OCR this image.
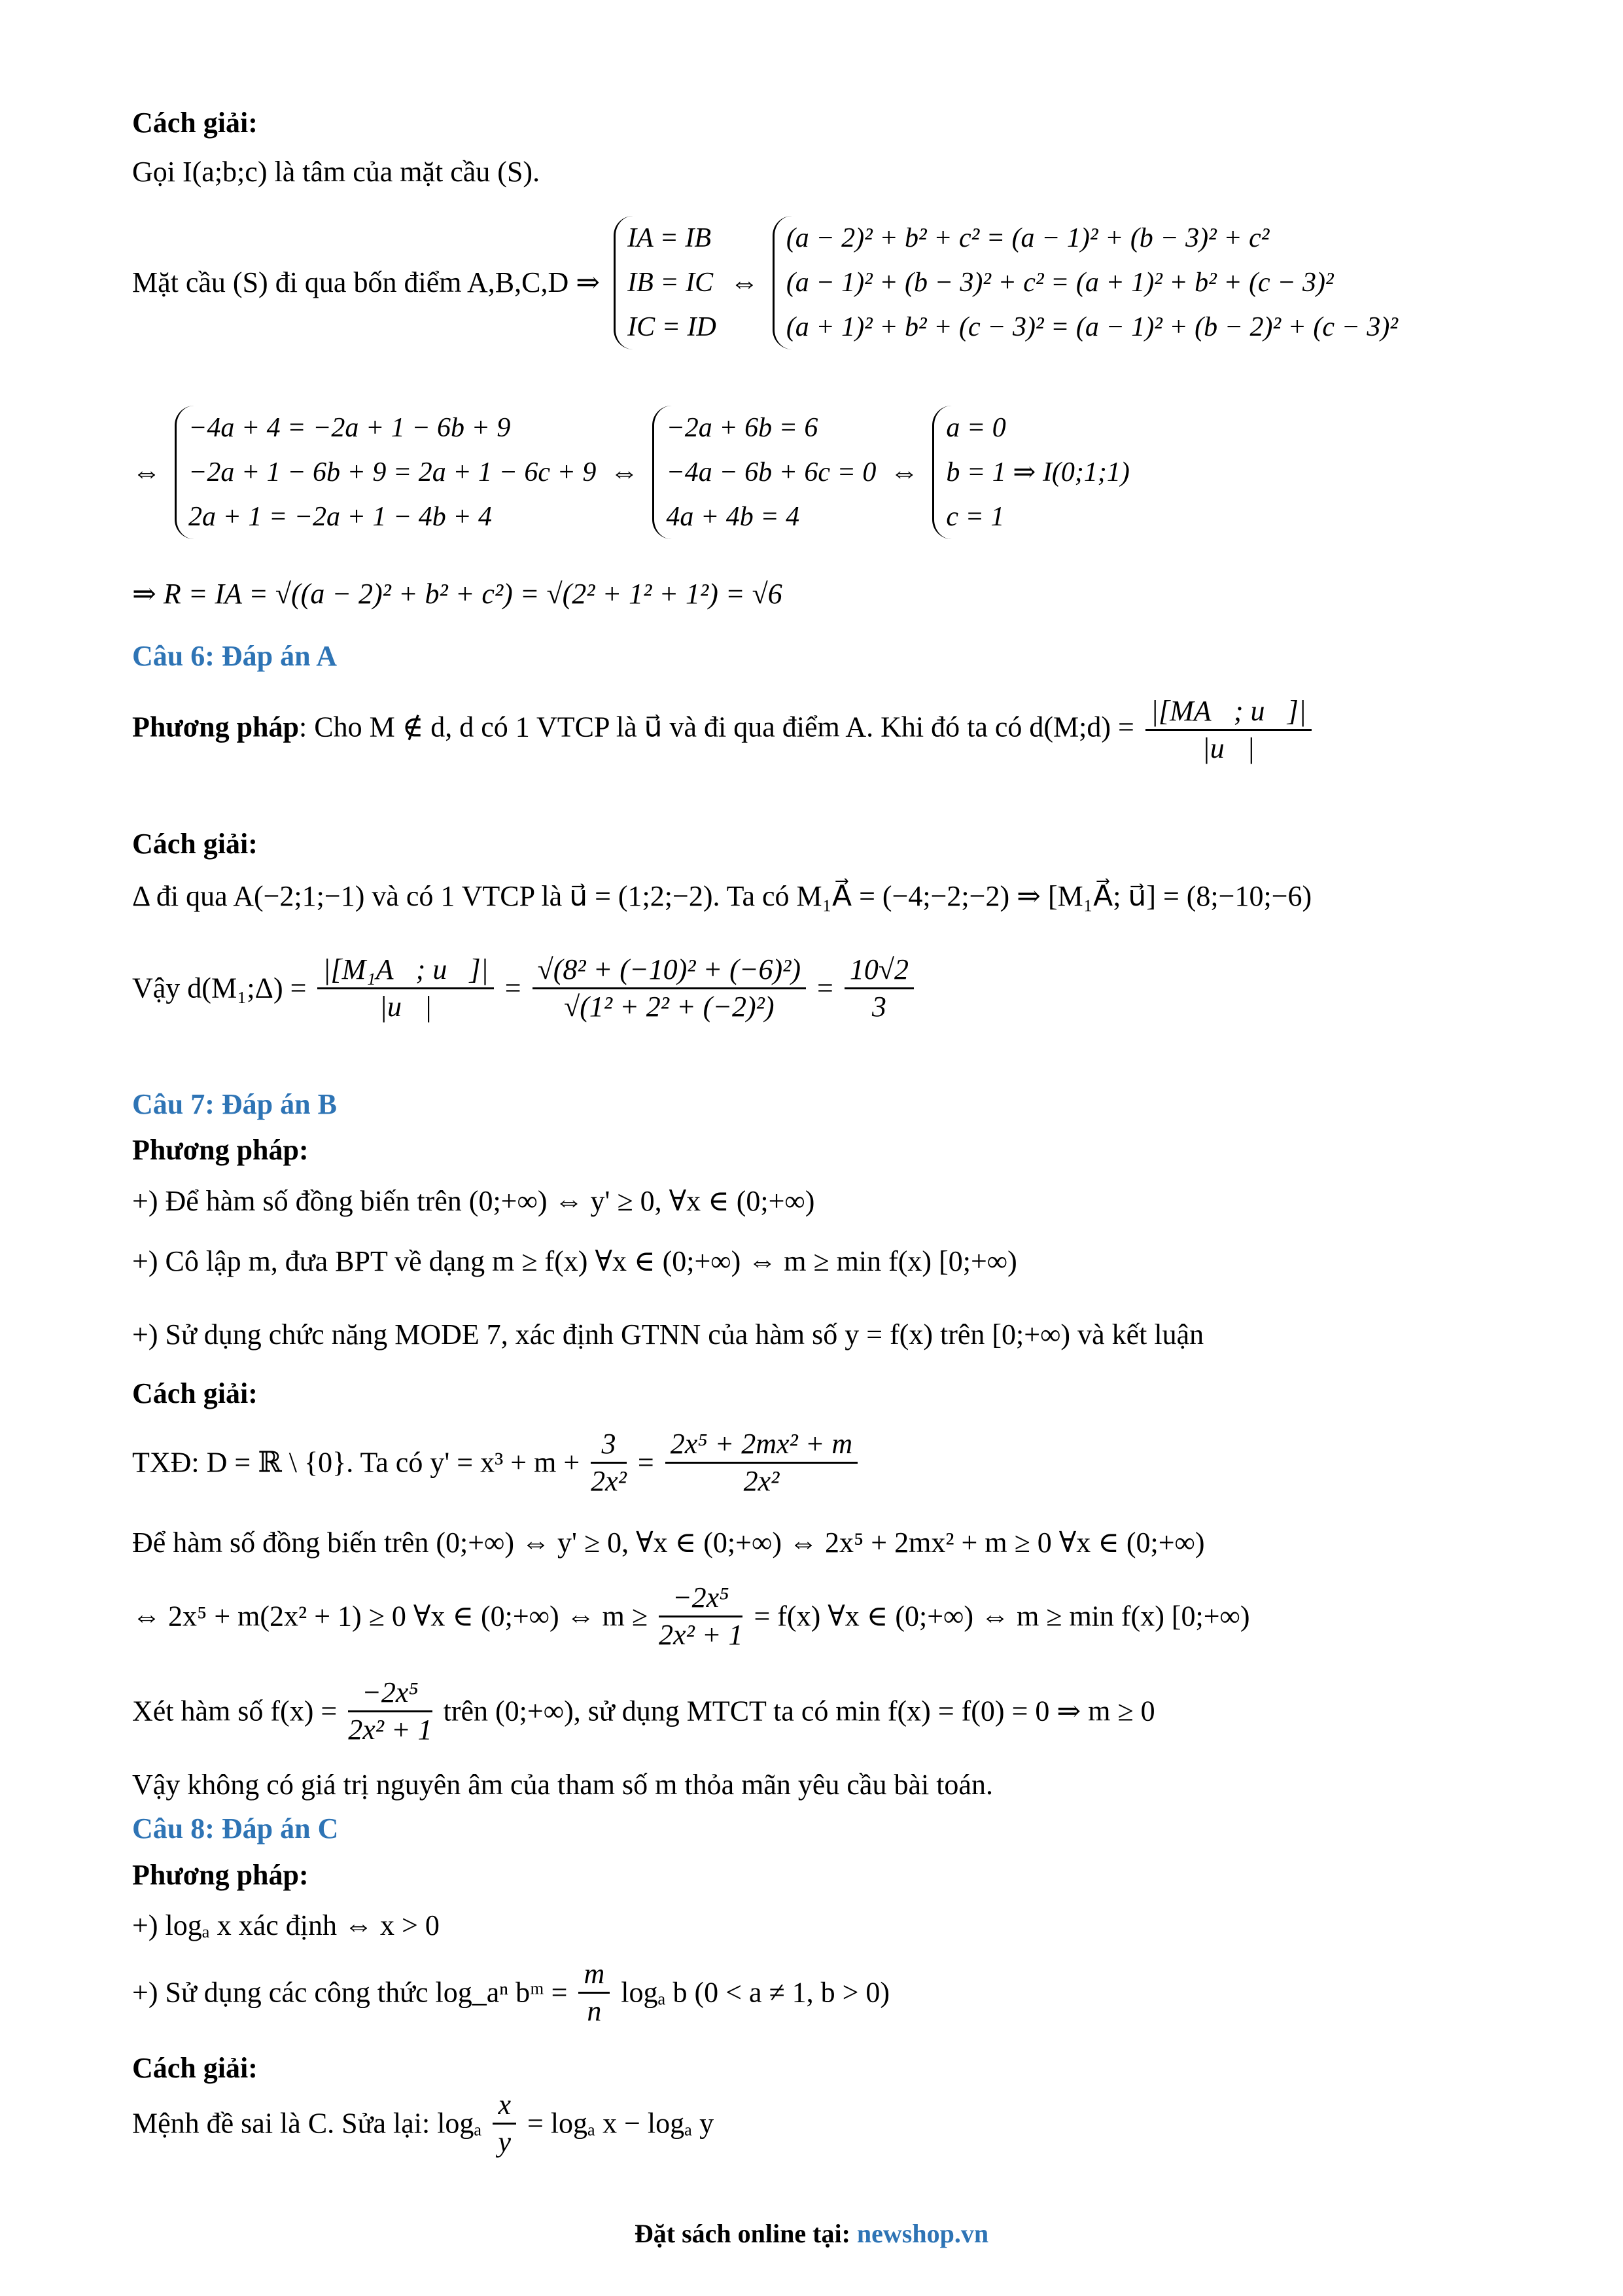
Cách giải:
Gọi I(a;b;c) là tâm của mặt cầu (S).
Mặt cầu (S) đi qua bốn điểm A,B,C,D ⇒
IA = IB
IB = IC
IC = ID
⇔
(a − 2)² + b² + c² = (a − 1)² + (b − 3)² + c²
(a − 1)² + (b − 3)² + c² = (a + 1)² + b² + (c − 3)²
(a + 1)² + b² + (c − 3)² = (a − 1)² + (b − 2)² + (c − 3)²
⇔
−4a + 4 = −2a + 1 − 6b + 9
−2a + 1 − 6b + 9 = 2a + 1 − 6c + 9
2a + 1 = −2a + 1 − 4b + 4
⇔
−2a + 6b = 6
−4a − 6b + 6c = 0
4a + 4b = 4
⇔
a = 0
b = 1 ⇒ I(0;1;1)
c = 1
⇒ R = IA = √((a − 2)² + b² + c²) = √(2² + 1² + 1²) = √6
Câu 6: Đáp án A
Phương pháp: Cho M ∉ d, d có 1 VTCP là u⃗ và đi qua điểm A. Khi đó ta có d(M;d) = $\frac{|[MA⃗; u⃗]|}{|u⃗|}$
Cách giải:
Δ đi qua A(−2;1;−1) và có 1 VTCP là u⃗ = (1;2;−2). Ta có M₁A⃗ = (−4;−2;−2) ⇒ [M₁A⃗; u⃗] = (8;−10;−6)
Vậy d(M₁;Δ) = $\frac{\text{|[M₁A⃗; u⃗]|}}{|u⃗|} = \frac{\text{√(8² + (−10)² + (−6)²)}}{\text{√(1² + 2² + (−2)²)}} = \frac{10√2}{3}$
Câu 7: Đáp án B
Phương pháp:
+) Để hàm số đồng biến trên (0;+∞) ⇔ y' ≥ 0, ∀x ∈ (0;+∞)
+) Cô lập m, đưa BPT về dạng m ≥ f(x) ∀x ∈ (0;+∞) ⇔ m ≥ min f(x) [0;+∞)
+) Sử dụng chức năng MODE 7, xác định GTNN của hàm số y = f(x) trên [0;+∞) và kết luận
Cách giải:
TXĐ: D = ℝ \ {0}. Ta có $y' = x^3 + m + \frac{3}{\text{2x²}} = \frac{\text{2x⁵ + 2mx² + m}}{\text{2x²}}$
Để hàm số đồng biến trên (0;+∞) ⇔ y' ≥ 0, ∀x ∈ (0;+∞) ⇔ 2x⁵ + 2mx² + m ≥ 0 ∀x ∈ (0;+∞)
⇔ 2x⁵ + m(2x² + 1) ≥ 0 ∀x ∈ (0;+∞) ⇔ $m \ge \frac{\text{−2x⁵}}{\text{2x² + 1}} = f(x)$ ∀x ∈ (0;+∞) ⇔ m ≥ min f(x) [0;+∞)
Xét hàm số $f(x) = \frac{\text{−2x⁵}}{\text{2x² + 1}}$ trên (0;+∞), sử dụng MTCT ta có min f(x) = f(0) = 0 ⇒ m ≥ 0
Vậy không có giá trị nguyên âm của tham số m thỏa mãn yêu cầu bài toán.
Câu 8: Đáp án C
Phương pháp:
+) logₐ x xác định ⇔ x > 0
+) Sử dụng các công thức log_aⁿ bᵐ = $\frac{m}{n}$ logₐ b (0 < a ≠ 1, b > 0)
Cách giải:
Mệnh đề sai là C. Sửa lại: logₐ $\frac{x}{y} = \log_a$ x − logₐ y
Đặt sách online tại: newshop.vn
